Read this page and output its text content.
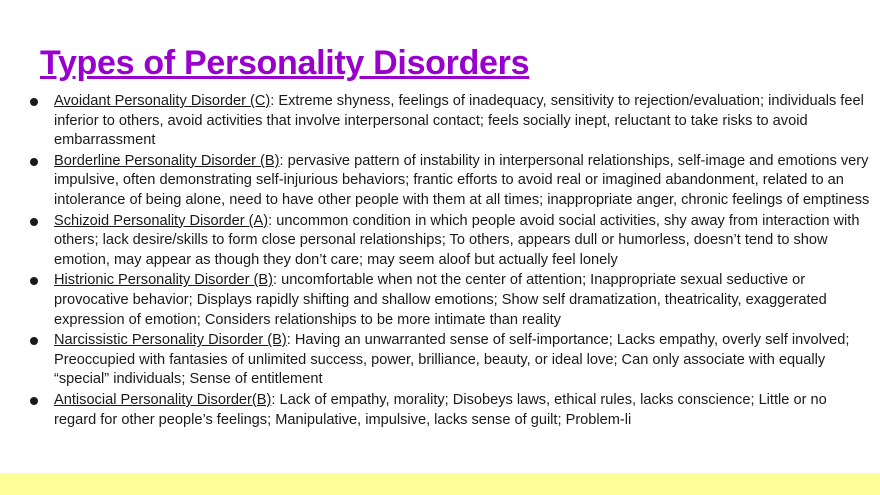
Types of Personality Disorders
Avoidant Personality Disorder (C): Extreme shyness, feelings of inadequacy, sensitivity to rejection/evaluation; individuals feel inferior to others, avoid activities that involve interpersonal contact; feels socially inept, reluctant to take risks to avoid embarrassment
Borderline Personality Disorder (B): pervasive pattern of instability in interpersonal relationships, self-image and emotions very impulsive, often demonstrating self-injurious behaviors; frantic efforts to avoid real or imagined abandonment, related to an intolerance of being alone, need to have other people with them at all times; inappropriate anger, chronic feelings of emptiness
Schizoid Personality Disorder (A): uncommon condition in which people avoid social activities, shy away from interaction with others; lack desire/skills to form close personal relationships; To others, appears dull or humorless, doesn’t tend to show emotion, may appear as though they don’t care; may seem aloof but actually feel lonely
Histrionic Personality Disorder (B): uncomfortable when not the center of attention; Inappropriate sexual seductive or provocative behavior; Displays rapidly shifting and shallow emotions; Show self dramatization, theatricality, exaggerated expression of emotion; Considers relationships to be more intimate than reality
Narcissistic Personality Disorder (B): Having an unwarranted sense of self-importance; Lacks empathy, overly self involved; Preoccupied with fantasies of unlimited success, power, brilliance, beauty, or ideal love; Can only associate with equally “special” individuals; Sense of entitlement
Antisocial Personality Disorder(B): Lack of empathy, morality; Disobeys laws, ethical rules, lacks conscience; Little or no regard for other people’s feelings; Manipulative, impulsive, lacks sense of guilt; Problem-li
